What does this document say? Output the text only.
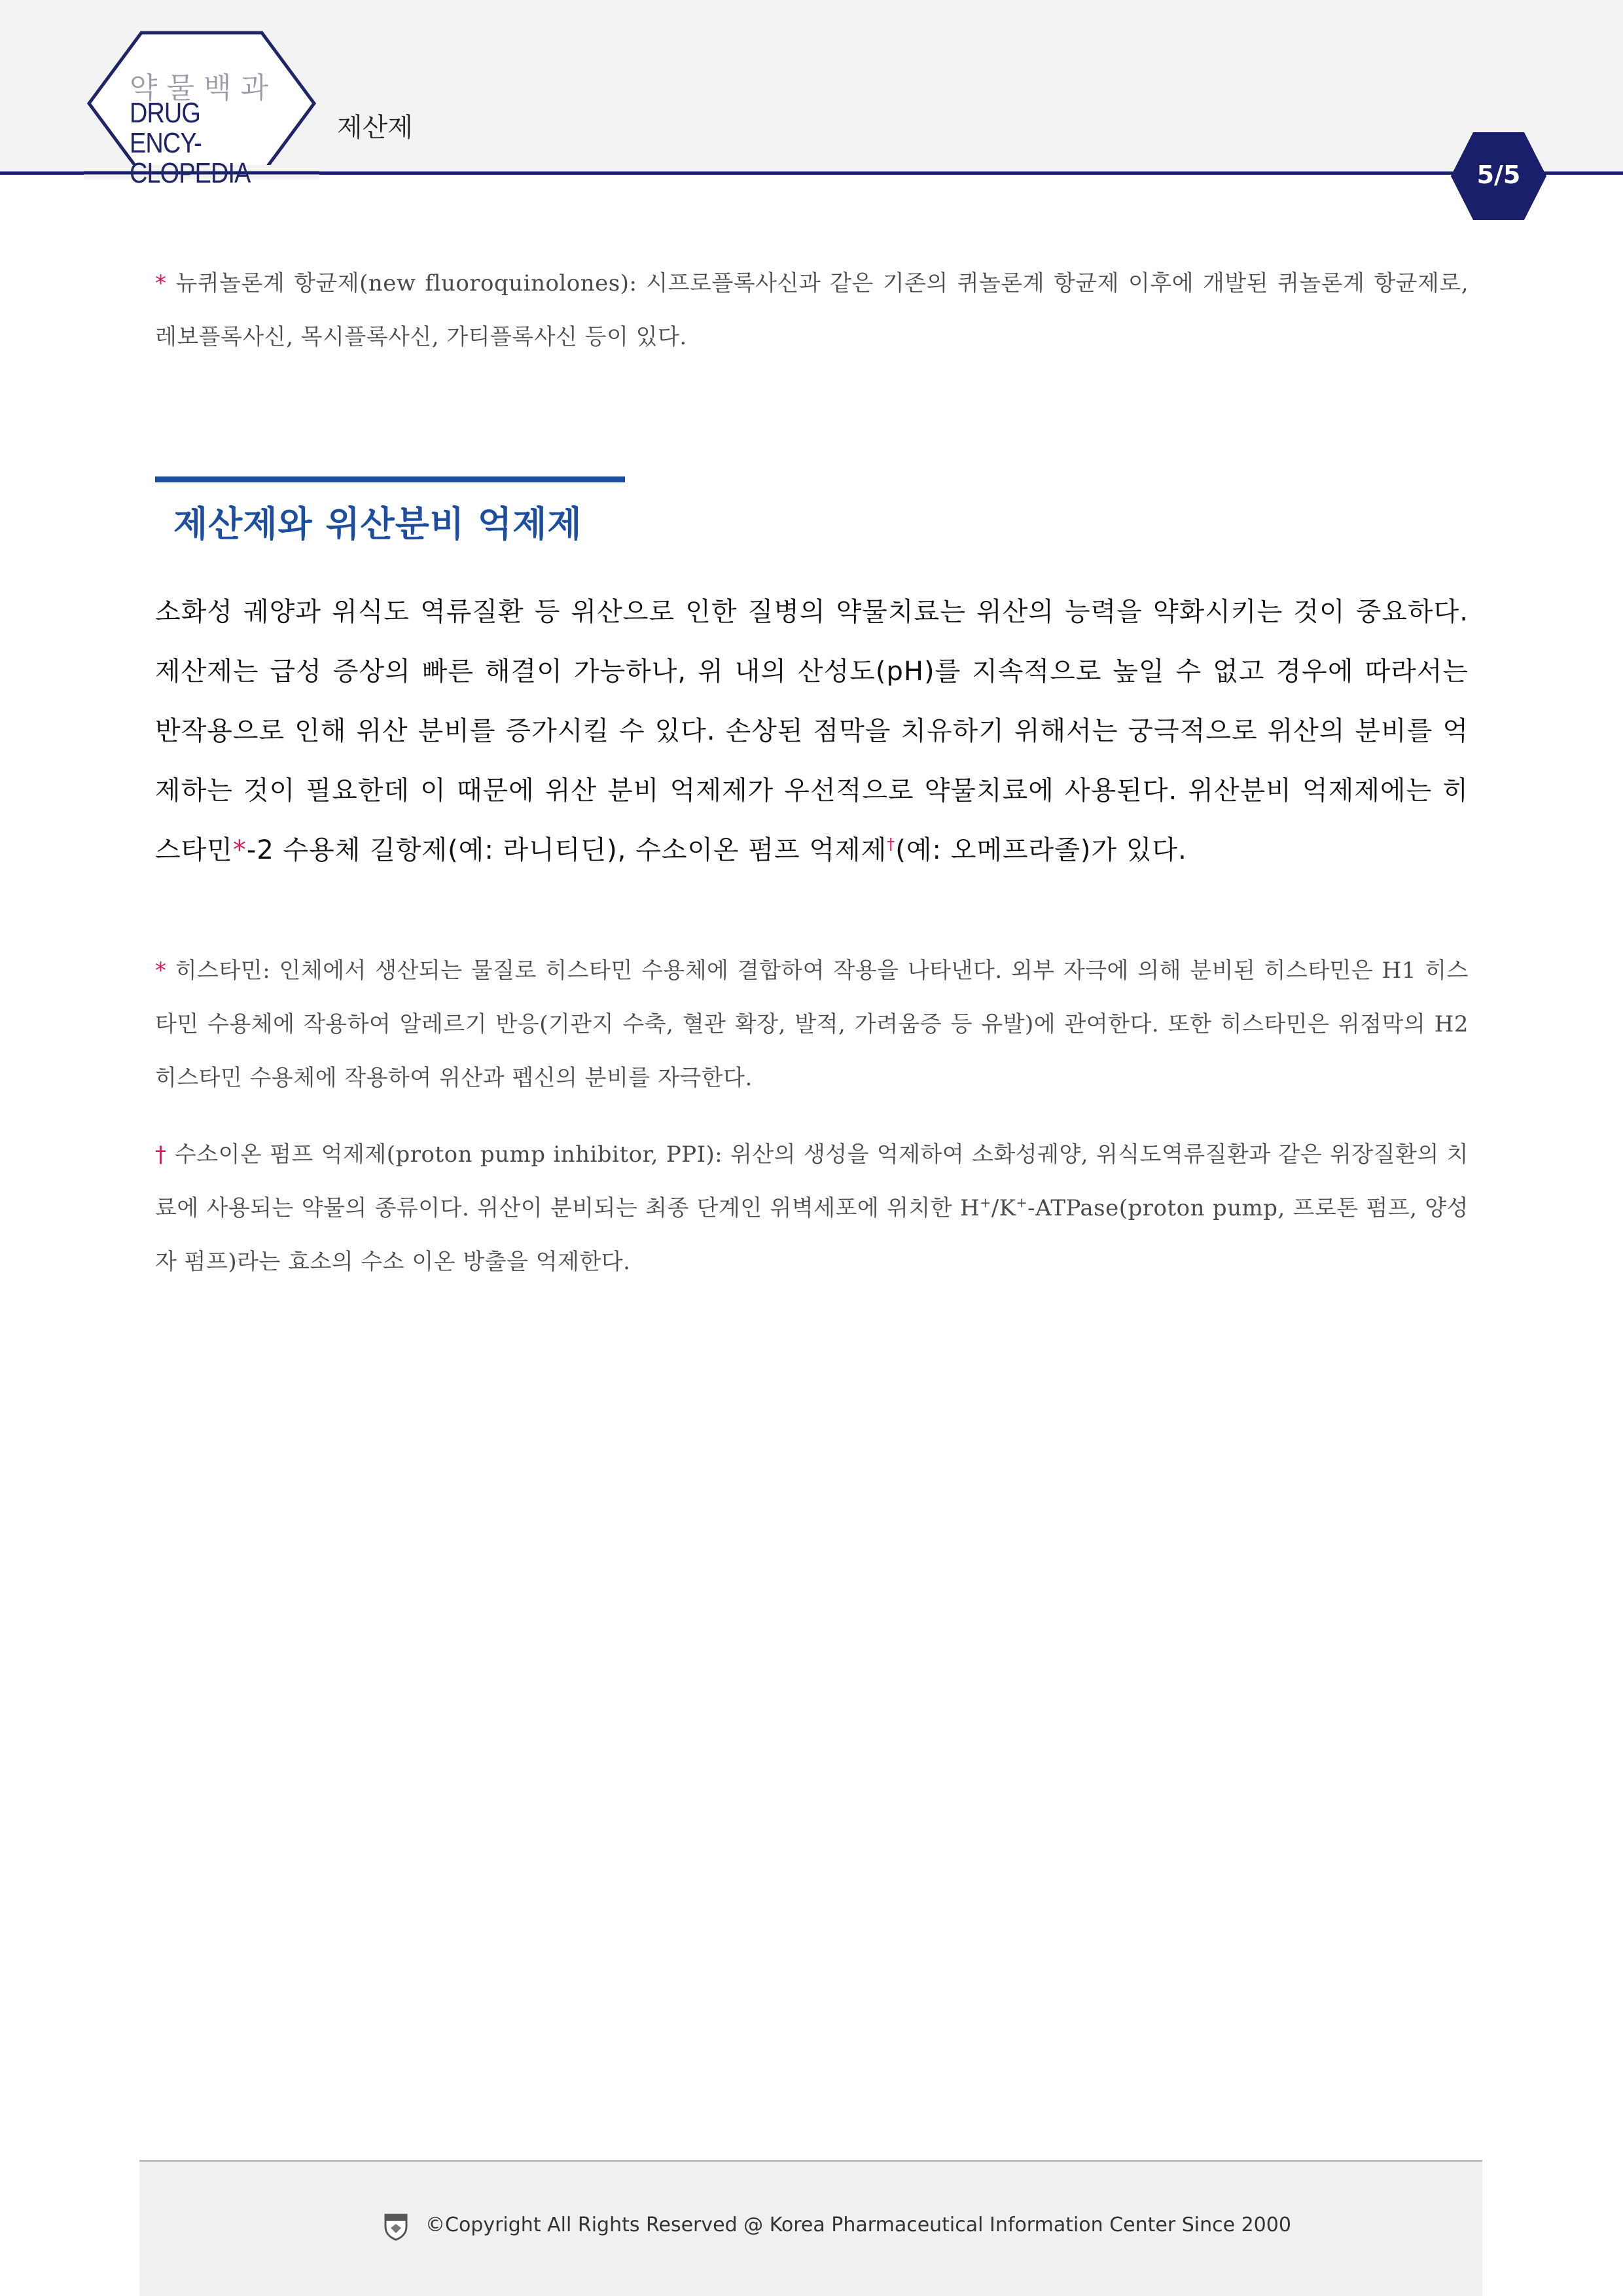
약물백과
DRUG ENCY-
CLOPEDIA
제산제
5/5
* 뉴퀴놀론계 항균제(new fluoroquinolones): 시프로플록사신과 같은 기존의 퀴놀론계 항균제 이후에 개발된 퀴놀론계 항균제로, 레보플록사신, 목시플록사신, 가티플록사신 등이 있다.
제산제와 위산분비 억제제
소화성 궤양과 위식도 역류질환 등 위산으로 인한 질병의 약물치료는 위산의 능력을 약화시키는 것이 중요하다. 제산제는 급성 증상의 빠른 해결이 가능하나, 위 내의 산성도(pH)를 지속적으로 높일 수 없고 경우에 따라서는 반작용으로 인해 위산 분비를 증가시킬 수 있다. 손상된 점막을 치유하기 위해서는 궁극적으로 위산의 분비를 억제하는 것이 필요한데 이 때문에 위산 분비 억제제가 우선적으로 약물치료에 사용된다. 위산분비 억제제에는 히스타민*-2 수용체 길항제(예: 라니티딘), 수소이온 펌프 억제제†(예: 오메프라졸)가 있다.
* 히스타민: 인체에서 생산되는 물질로 히스타민 수용체에 결합하여 작용을 나타낸다. 외부 자극에 의해 분비된 히스타민은 H1 히스타민 수용체에 작용하여 알레르기 반응(기관지 수축, 혈관 확장, 발적, 가려움증 등 유발)에 관여한다. 또한 히스타민은 위점막의 H2 히스타민 수용체에 작용하여 위산과 펩신의 분비를 자극한다.
† 수소이온 펌프 억제제(proton pump inhibitor, PPI): 위산의 생성을 억제하여 소화성궤양, 위식도역류질환과 같은 위장질환의 치료에 사용되는 약물의 종류이다. 위산이 분비되는 최종 단계인 위벽세포에 위치한 H+/K+-ATPase(proton pump, 프로톤 펌프, 양성자 펌프)라는 효소의 수소 이온 방출을 억제한다.
©Copyright All Rights Reserved @ Korea Pharmaceutical Information Center Since 2000
